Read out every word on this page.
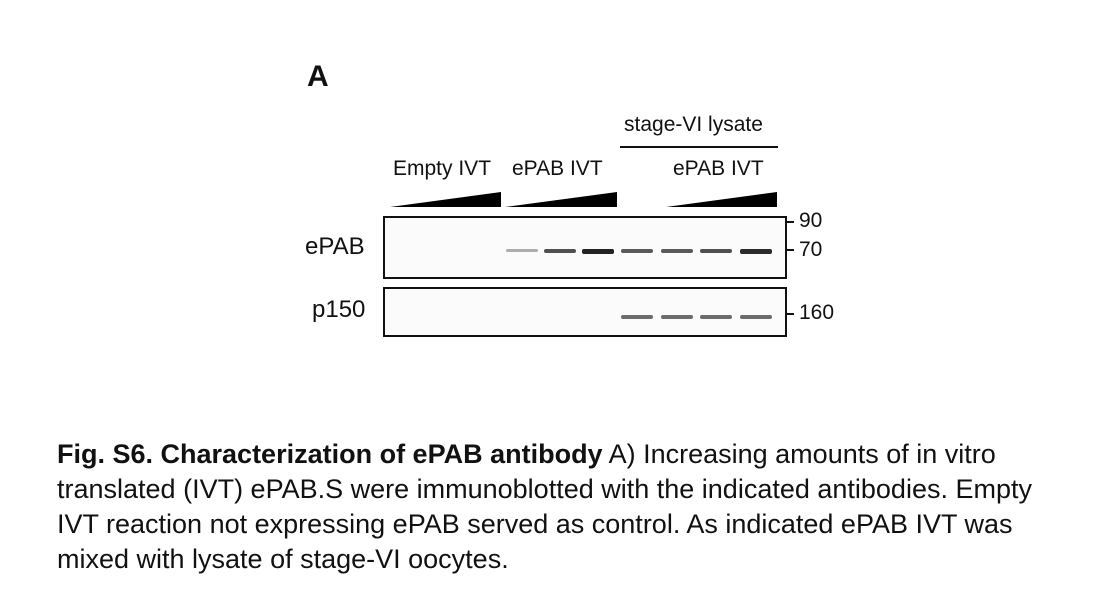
A
Empty IVT ePAB IVT
stage-VI lysate
ePAB IVT
ePAB
90
70
p150	160
Fig. S6. Characterization of ePAB antibody A) Increasing amounts of in vitro translated (IVT) ePAB.S were immunoblotted with the indicated antibodies. Empty IVT reaction not expressing ePAB served as control. As indicated ePAB IVT was mixed with lysate of stage-VI oocytes.
